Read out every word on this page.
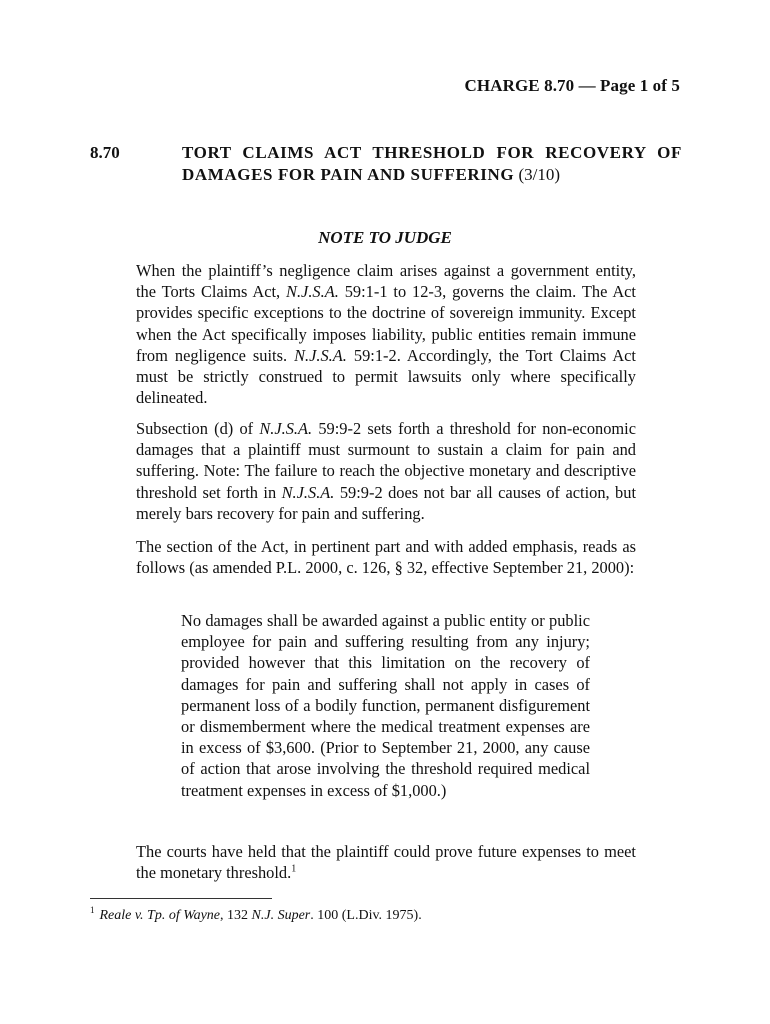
CHARGE 8.70 — Page 1 of 5
8.70	TORT CLAIMS ACT THRESHOLD FOR RECOVERY OF DAMAGES FOR PAIN AND SUFFERING (3/10)
NOTE TO JUDGE

When the plaintiff’s negligence claim arises against a government entity, the Torts Claims Act, N.J.S.A. 59:1-1 to 12-3, governs the claim. The Act provides specific exceptions to the doctrine of sovereign immunity. Except when the Act specifically imposes liability, public entities remain immune from negligence suits. N.J.S.A. 59:1-2. Accordingly, the Tort Claims Act must be strictly construed to permit lawsuits only where specifically delineated.

Subsection (d) of N.J.S.A. 59:9-2 sets forth a threshold for non-economic damages that a plaintiff must surmount to sustain a claim for pain and suffering. Note: The failure to reach the objective monetary and descriptive threshold set forth in N.J.S.A. 59:9-2 does not bar all causes of action, but merely bars recovery for pain and suffering.

The section of the Act, in pertinent part and with added emphasis, reads as follows (as amended P.L. 2000, c. 126, § 32, effective September 21, 2000):

No damages shall be awarded against a public entity or public employee for pain and suffering resulting from any injury; provided however that this limitation on the recovery of damages for pain and suffering shall not apply in cases of permanent loss of a bodily function, permanent disfigurement or dismemberment where the medical treatment expenses are in excess of $3,600. (Prior to September 21, 2000, any cause of action that arose involving the threshold required medical treatment expenses in excess of $1,000.)

The courts have held that the plaintiff could prove future expenses to meet the monetary threshold.$^1$

$^1$ Reale v. Tp. of Wayne, 132 N.J. Super. 100 (L.Div. 1975).
